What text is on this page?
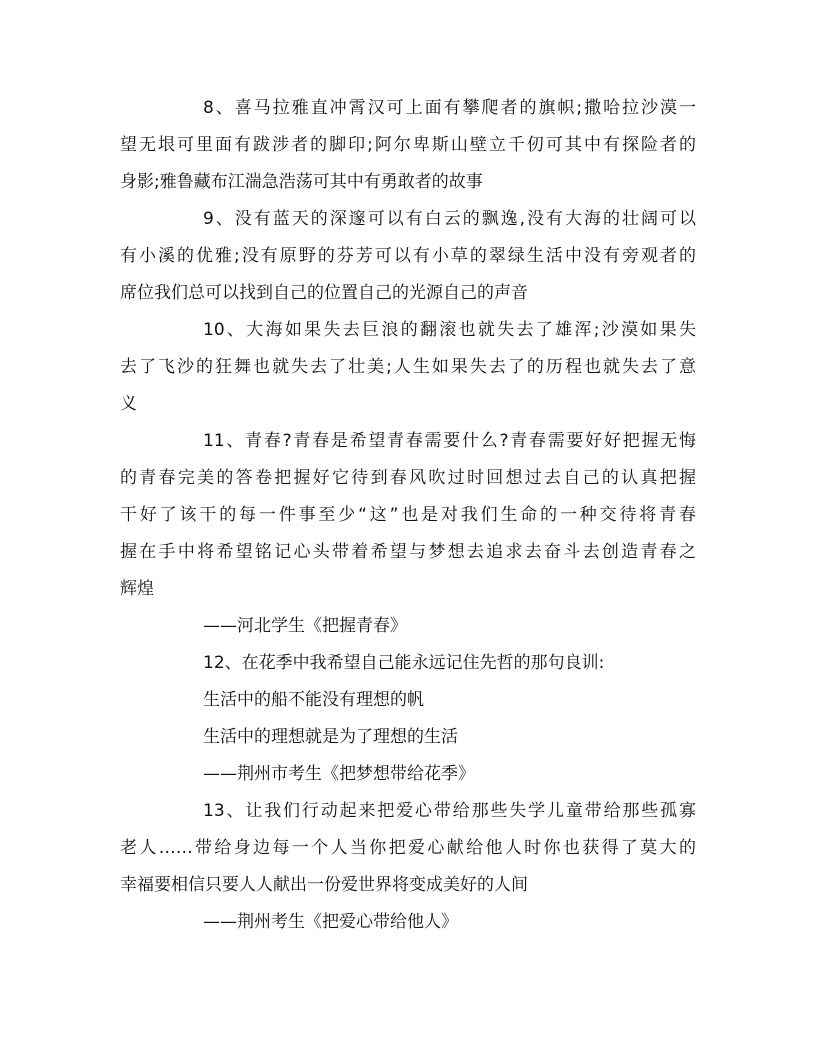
8、喜马拉雅直冲霄汉可上面有攀爬者的旗帜;撒哈拉沙漠一

望无垠可里面有跋涉者的脚印;阿尔卑斯山壁立千仞可其中有探险者的

身影;雅鲁藏布江湍急浩荡可其中有勇敢者的故事

9、没有蓝天的深邃可以有白云的飘逸,没有大海的壮阔可以

有小溪的优雅;没有原野的芬芳可以有小草的翠绿生活中没有旁观者的

席位我们总可以找到自己的位置自己的光源自己的声音

10、大海如果失去巨浪的翻滚也就失去了雄浑;沙漠如果失

去了飞沙的狂舞也就失去了壮美;人生如果失去了的历程也就失去了意

义

11、青春?青春是希望青春需要什么?青春需要好好把握无悔

的青春完美的答卷把握好它待到春风吹过时回想过去自己的认真把握

干好了该干的每一件事至少“这”也是对我们生命的一种交待将青春

握在手中将希望铭记心头带着希望与梦想去追求去奋斗去创造青春之

辉煌

——河北学生《把握青春》

12、在花季中我希望自己能永远记住先哲的那句良训:

生活中的船不能没有理想的帆

生活中的理想就是为了理想的生活

——荆州市考生《把梦想带给花季》

13、让我们行动起来把爱心带给那些失学儿童带给那些孤寡

老人……带给身边每一个人当你把爱心献给他人时你也获得了莫大的

幸福要相信只要人人献出一份爱世界将变成美好的人间

——荆州考生《把爱心带给他人》
